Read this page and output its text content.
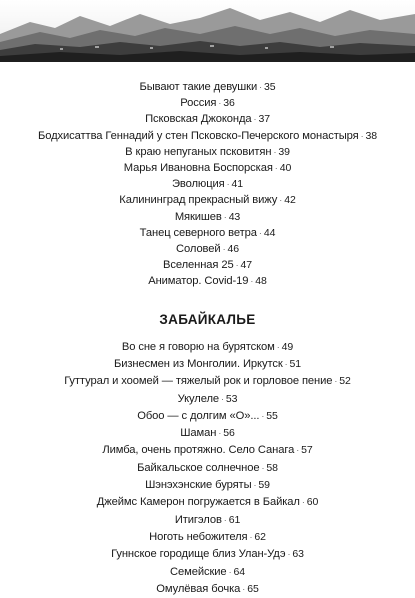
Бывают такие девушки · 35
Россия · 36
Псковская Джоконда · 37
Бодхисаттва Геннадий у стен Псковско-Печерского монастыря · 38
В краю непуганых псковитян · 39
Марья Ивановна Боспорская · 40
Эволюция · 41
Калининград прекрасный вижу · 42
Мякишев · 43
Танец северного ветра · 44
Соловей · 46
Вселенная 25 · 47
Аниматор. Covid-19 · 48
ЗАБАЙКАЛЬЕ
Во сне я говорю на бурятском · 49
Бизнесмен из Монголии. Иркутск · 51
Гуттурал и хоомей — тяжелый рок и горловое пение · 52
Укулеле · 53
Обоо — с долгим «О»... · 55
Шаман · 56
Лимба, очень протяжно. Село Санага · 57
Байкальское солнечное · 58
Шэнэхэнские буряты · 59
Джеймс Камерон погружается в Байкал · 60
Итигэлов · 61
Ноготь небожителя · 62
Гуннское городище близ Улан-Удэ · 63
Семейские · 64
Омулёвая бочка · 65
